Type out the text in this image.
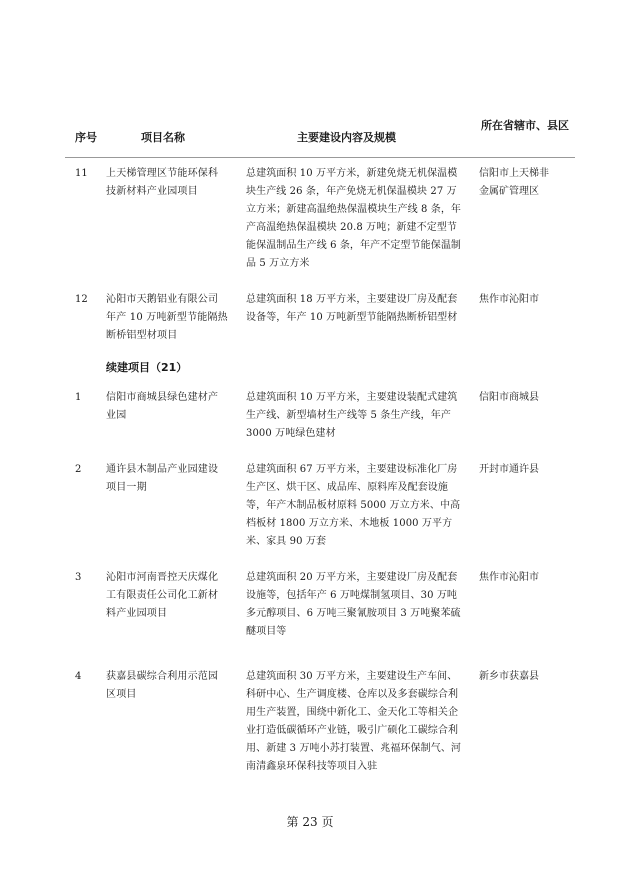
序号	项目名称	主要建设内容及规模
所在省辖市、县区
11 上天梯管理区节能环保科技新材料产业园项目
总建筑面积 10 万平方米，新建免烧无机保温模块生产线 26 条，年产免烧无机保温模块 27 万立方米；新建高温绝热保温模块生产线 8 条，年产高温绝热保温模块 20.8 万吨；新建不定型节能保温制品生产线 6 条，年产不定型节能保温制品 5 万立方米
信阳市上天梯非金属矿管理区
12 沁阳市天鹅铝业有限公司年产 10 万吨新型节能隔热断桥铝型材项目
总建筑面积 18 万平方米，主要建设厂房及配套设备等，年产 10 万吨新型节能隔热断桥铝型材
焦作市沁阳市
续建项目（21）
1 信阳市商城县绿色建材产业园
总建筑面积 10 万平方米，主要建设装配式建筑生产线、新型墙材生产线等 5 条生产线，年产 3000 万吨绿色建材
信阳市商城县
2 通许县木制品产业园建设项目一期
总建筑面积 67 万平方米，主要建设标准化厂房生产区、烘干区、成品库、原料库及配套设施等，年产木制品板材原料 5000 万立方米、中高档板材 1800 万立方米、木地板 1000 万平方米、家具 90 万套
开封市通许县
3 沁阳市河南晋控天庆煤化工有限责任公司化工新材料产业园项目
总建筑面积 20 万平方米，主要建设厂房及配套设施等，包括年产 6 万吨煤制氢项目、30 万吨多元醇项目、6 万吨三聚氰胺项目 3 万吨聚苯硫醚项目等
焦作市沁阳市
4 获嘉县碳综合利用示范园区项目
总建筑面积 30 万平方米，主要建设生产车间、科研中心、生产调度楼、仓库以及多套碳综合利用生产装置，围绕中新化工、金天化工等相关企业打造低碳循环产业链，吸引广硕化工碳综合利用、新建 3 万吨小苏打装置、兆福环保制气、河南清鑫泉环保科技等项目入驻
新乡市获嘉县
第 23 页
